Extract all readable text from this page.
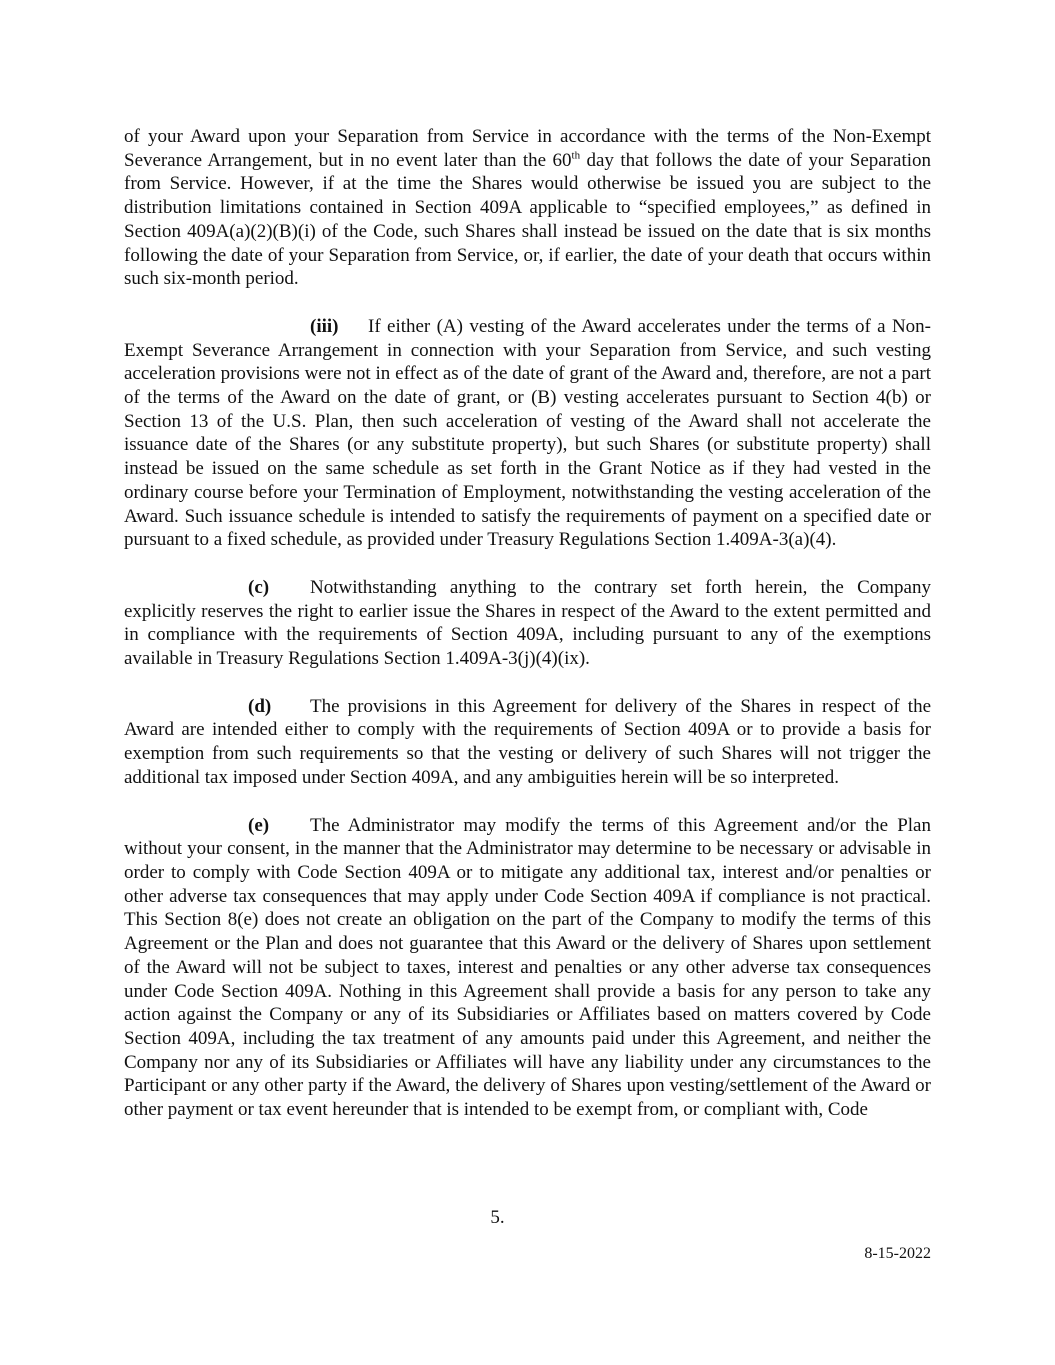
of your Award upon your Separation from Service in accordance with the terms of the Non-Exempt Severance Arrangement, but in no event later than the 60th day that follows the date of your Separation from Service. However, if at the time the Shares would otherwise be issued you are subject to the distribution limitations contained in Section 409A applicable to “specified employees,” as defined in Section 409A(a)(2)(B)(i) of the Code, such Shares shall instead be issued on the date that is six months following the date of your Separation from Service, or, if earlier, the date of your death that occurs within such six-month period.

(iii) If either (A) vesting of the Award accelerates under the terms of a Non-Exempt Severance Arrangement in connection with your Separation from Service, and such vesting acceleration provisions were not in effect as of the date of grant of the Award and, therefore, are not a part of the terms of the Award on the date of grant, or (B) vesting accelerates pursuant to Section 4(b) or Section 13 of the U.S. Plan, then such acceleration of vesting of the Award shall not accelerate the issuance date of the Shares (or any substitute property), but such Shares (or substitute property) shall instead be issued on the same schedule as set forth in the Grant Notice as if they had vested in the ordinary course before your Termination of Employment, notwithstanding the vesting acceleration of the Award. Such issuance schedule is intended to satisfy the requirements of payment on a specified date or pursuant to a fixed schedule, as provided under Treasury Regulations Section 1.409A-3(a)(4).

(c) Notwithstanding anything to the contrary set forth herein, the Company explicitly reserves the right to earlier issue the Shares in respect of the Award to the extent permitted and in compliance with the requirements of Section 409A, including pursuant to any of the exemptions available in Treasury Regulations Section 1.409A-3(j)(4)(ix).

(d) The provisions in this Agreement for delivery of the Shares in respect of the Award are intended either to comply with the requirements of Section 409A or to provide a basis for exemption from such requirements so that the vesting or delivery of such Shares will not trigger the additional tax imposed under Section 409A, and any ambiguities herein will be so interpreted.

(e) The Administrator may modify the terms of this Agreement and/or the Plan without your consent, in the manner that the Administrator may determine to be necessary or advisable in order to comply with Code Section 409A or to mitigate any additional tax, interest and/or penalties or other adverse tax consequences that may apply under Code Section 409A if compliance is not practical. This Section 8(e) does not create an obligation on the part of the Company to modify the terms of this Agreement or the Plan and does not guarantee that this Award or the delivery of Shares upon settlement of the Award will not be subject to taxes, interest and penalties or any other adverse tax consequences under Code Section 409A. Nothing in this Agreement shall provide a basis for any person to take any action against the Company or any of its Subsidiaries or Affiliates based on matters covered by Code Section 409A, including the tax treatment of any amounts paid under this Agreement, and neither the Company nor any of its Subsidiaries or Affiliates will have any liability under any circumstances to the Participant or any other party if the Award, the delivery of Shares upon vesting/settlement of the Award or other payment or tax event hereunder that is intended to be exempt from, or compliant with, Code

5.
8-15-2022
